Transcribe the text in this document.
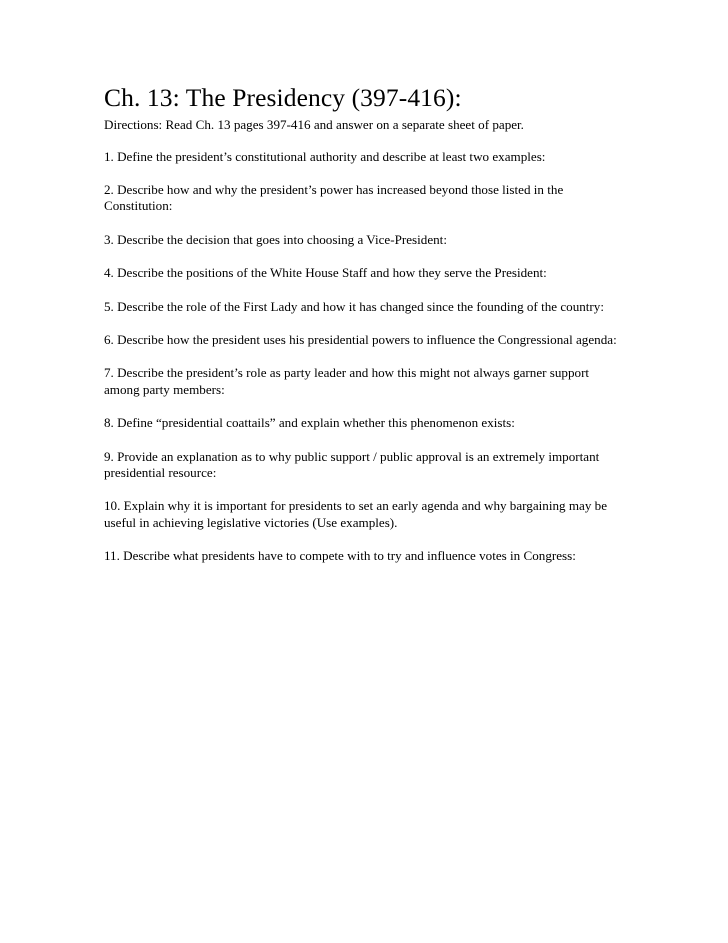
Ch. 13: The Presidency (397-416):

Directions: Read Ch. 13 pages 397-416 and answer on a separate sheet of paper.

1. Define the president’s constitutional authority and describe at least two examples:

2. Describe how and why the president’s power has increased beyond those listed in the Constitution:

3. Describe the decision that goes into choosing a Vice-President:

4. Describe the positions of the White House Staff and how they serve the President:

5. Describe the role of the First Lady and how it has changed since the founding of the country:

6. Describe how the president uses his presidential powers to influence the Congressional agenda:

7. Describe the president’s role as party leader and how this might not always garner support among party members:

8. Define “presidential coattails” and explain whether this phenomenon exists:

9. Provide an explanation as to why public support / public approval is an extremely important presidential resource:

10. Explain why it is important for presidents to set an early agenda and why bargaining may be useful in achieving legislative victories (Use examples).

11. Describe what presidents have to compete with to try and influence votes in Congress:
